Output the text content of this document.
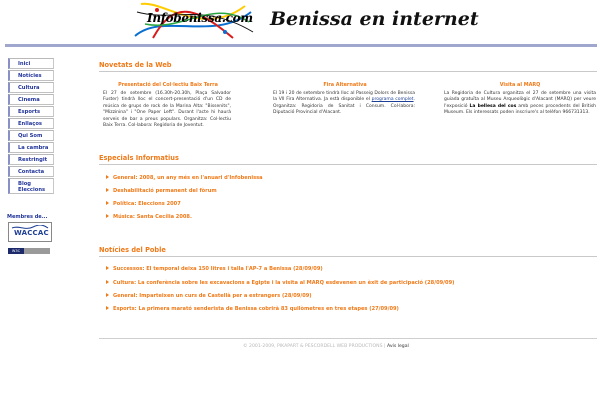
Infobenissa.com Benissa en internet
Inici
Notícies
Cultura
Cinema
Esports
Enllaços
Qui Som
La cambra
Restringit
Contacta
Blog Eleccions
Membres de...
WACCAC
W3C
Novetats de la Web
Presentació del Col·lectiu Baix Terra
El 27 de setembre (16.30h-20.30h, Plaça Salvador Fuster) tindrà lloc el concert-presentació d'un CD de música de grups de rock de la Marina Alta: "Bissenits", "Mizzinina" i "One Paper Left". Durant l'acte hi haurà serveis de bar a preus populars. Organitza: Col·lectiu Baix Terra. Col·labora: Regidoria de Joventut.
Fira Alternativa
El 19 i 20 de setembre tindrà lloc al Passeig Dolors de Benissa la VII Fira Alternativa. Ja està disponible el programa complet. Organitza: Regidoria de Sanitat i Consum. Col·labora: Diputació Provincial d'Alacant.
Visita al MARQ
La Regidoria de Cultura organitza el 27 de setembre una visita guiada gratuïta al Museu Arqueològic d'Alacant (MARQ) per veure l'exposició La bellesa del cos amb peces procedents del British Museum. Els interessats poden inscriure's al telèfon 966731313.
Especials Informatius
General: 2008, un any més en l'anuari d'Infobenissa
Deshabilitació permanent del fòrum
Política: Eleccions 2007
Música: Santa Cecília 2008.
Notícies del Poble
Successos: El temporal deixa 150 litres i talla l'AP-7 a Benissa (28/09/09)
Cultura: La conferència sobre les excavacions a Egipte i la visita al MARQ esdevenen un èxit de participació (28/09/09)
General: Imparteixen un curs de Castellà per a estrangers (28/09/09)
Esports: La primera marató senderista de Benissa cobrirà 83 quilòmetres en tres etapes (27/09/09)
© 2001-2009, PIKAPART & PESCORDELL WEB PRODUCTIONS | Avís legal
